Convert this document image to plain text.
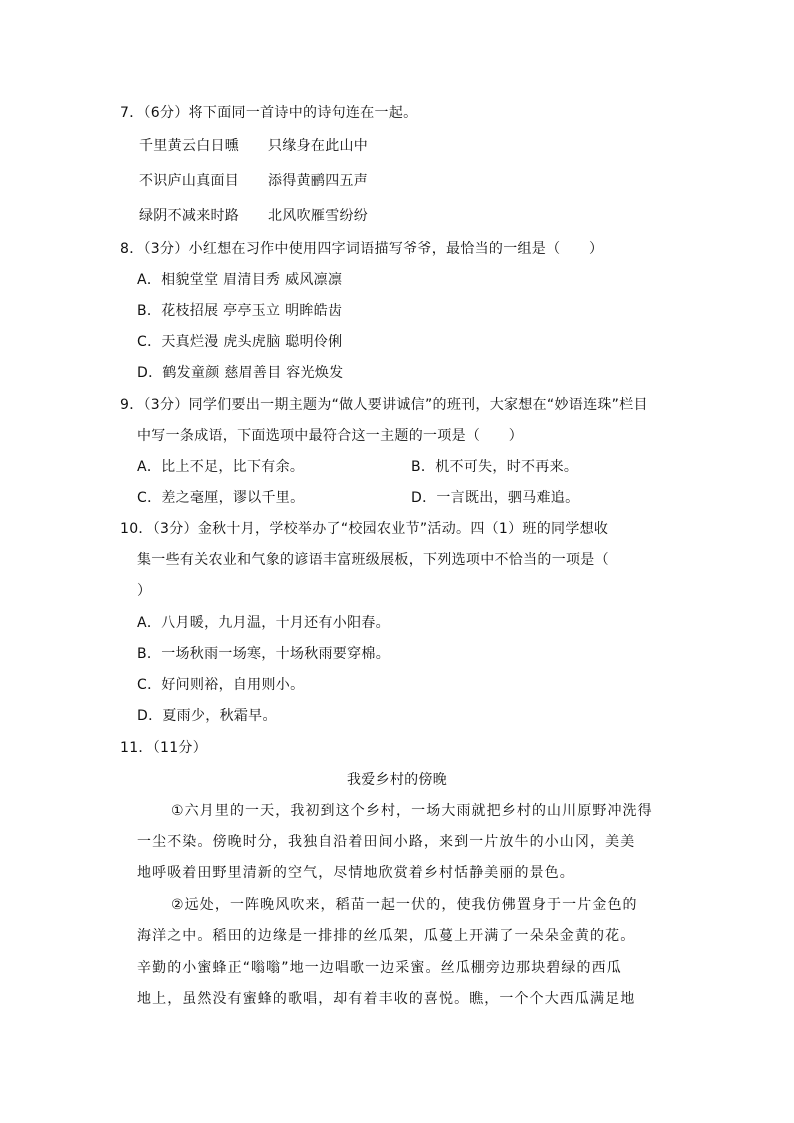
7．（6分）将下面同一首诗中的诗句连在一起。
千里黄云白日曛 只缘身在此山中
不识庐山真面目 添得黄鹂四五声
绿阴不减来时路 北风吹雁雪纷纷
8．（3分）小红想在习作中使用四字词语描写爷爷，最恰当的一组是（　　）
A．相貌堂堂 眉清目秀 威风凛凛
B．花枝招展 亭亭玉立 明眸皓齿
C．天真烂漫 虎头虎脑 聪明伶俐
D．鹤发童颜 慈眉善目 容光焕发
9．（3分）同学们要出一期主题为“做人要讲诚信”的班刊，大家想在“妙语连珠”栏目
中写一条成语，下面选项中最符合这一主题的一项是（　　）
A．比上不足，比下有余。	B．机不可失，时不再来。
C．差之毫厘，谬以千里。	D．一言既出，驷马难追。
10．（3分）金秋十月，学校举办了“校园农业节”活动。四（1）班的同学想收
集一些有关农业和气象的谚语丰富班级展板，下列选项中不恰当的一项是（
）
A．八月暖，九月温，十月还有小阳春。
B．一场秋雨一场寒，十场秋雨要穿棉。
C．好问则裕，自用则小。
D．夏雨少，秋霜早。
11．（11分）
我爱乡村的傍晚
①六月里的一天，我初到这个乡村，一场大雨就把乡村的山川原野冲洗得
一尘不染。傍晚时分，我独自沿着田间小路，来到一片放牛的小山冈，美美
地呼吸着田野里清新的空气，尽情地欣赏着乡村恬静美丽的景色。
②远处，一阵晚风吹来，稻苗一起一伏的，使我仿佛置身于一片金色的
海洋之中。稻田的边缘是一排排的丝瓜架，瓜蔓上开满了一朵朵金黄的花。
辛勤的小蜜蜂正“嗡嗡”地一边唱歌一边采蜜。丝瓜棚旁边那块碧绿的西瓜
地上，虽然没有蜜蜂的歌唱，却有着丰收的喜悦。瞧，一个个大西瓜满足地
